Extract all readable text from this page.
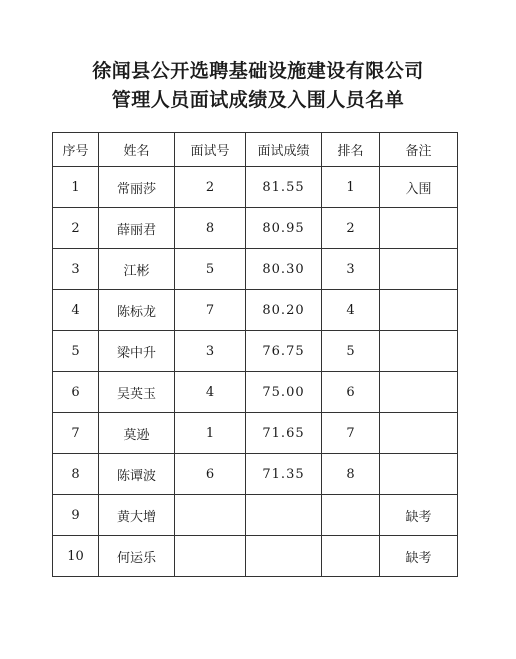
徐闻县公开选聘基础设施建设有限公司
管理人员面试成绩及入围人员名单
序号	姓名	面试号	面试成绩	排名	备注
1	常丽莎	2	81.55	1	入围
2	薛丽君	8	80.95	2	
3	江彬	5	80.30	3	
4	陈标龙	7	80.20	4	
5	梁中升	3	76.75	5	
6	吴英玉	4	75.00	6	
7	莫逊	1	71.65	7	
8	陈谭波	6	71.35	8	
9	黄大增				缺考
10	何运乐				缺考
